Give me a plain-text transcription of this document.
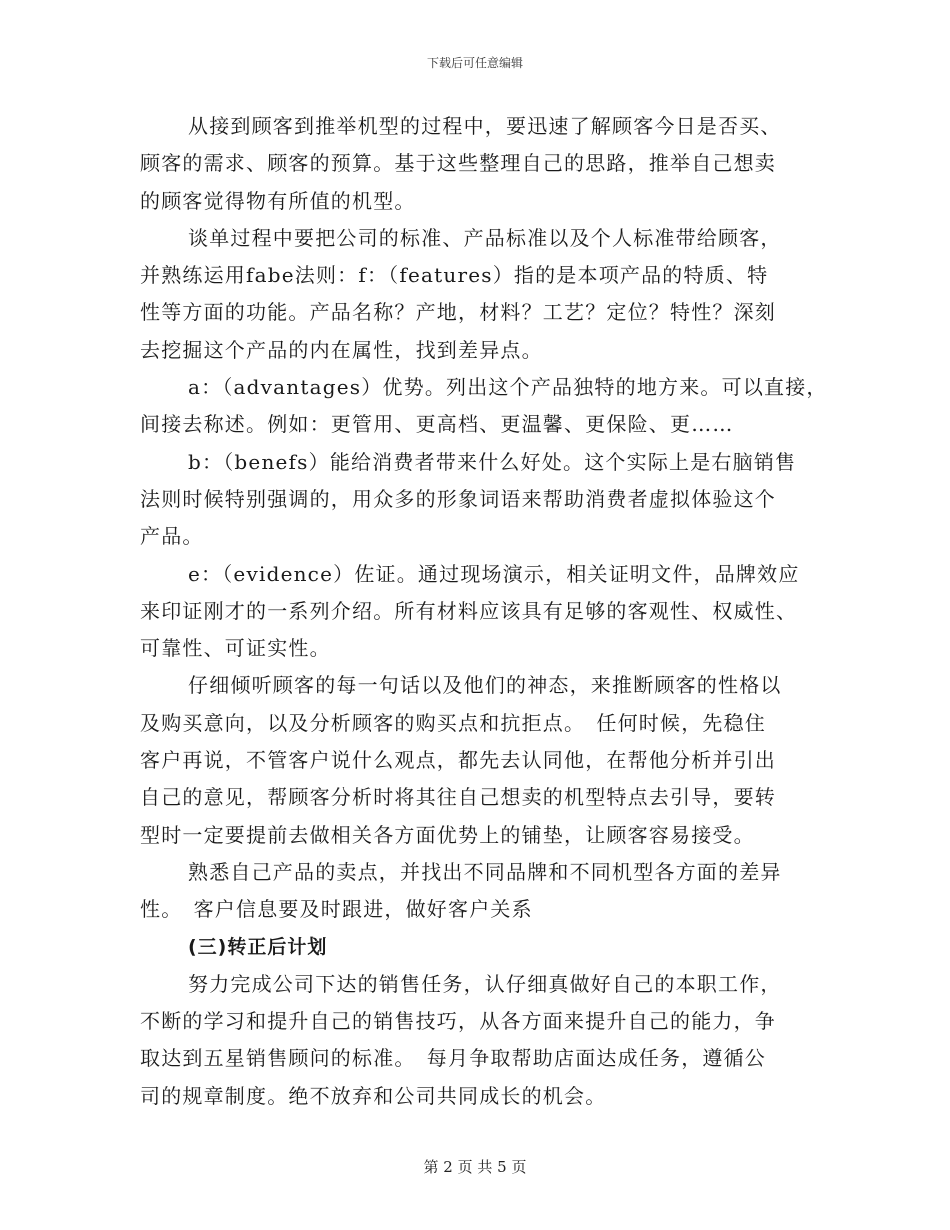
下载后可任意编辑

从接到顾客到推举机型的过程中，要迅速了解顾客今日是否买、
顾客的需求、顾客的预算。基于这些整理自己的思路，推举自己想卖
的顾客觉得物有所值的机型。

谈单过程中要把公司的标准、产品标准以及个人标准带给顾客，
并熟练运用fabe法则：f：（features）指的是本项产品的特质、特
性等方面的功能。产品名称？产地，材料？工艺？定位？特性？深刻
去挖掘这个产品的内在属性，找到差异点。

a：（advantages）优势。列出这个产品独特的地方来。可以直接，
间接去称述。例如：更管用、更高档、更温馨、更保险、更……

b：（benefs）能给消费者带来什么好处。这个实际上是右脑销售
法则时候特别强调的，用众多的形象词语来帮助消费者虚拟体验这个
产品。

e：（evidence）佐证。通过现场演示，相关证明文件，品牌效应
来印证刚才的一系列介绍。所有材料应该具有足够的客观性、权威性、
可靠性、可证实性。

仔细倾听顾客的每一句话以及他们的神态，来推断顾客的性格以
及购买意向，以及分析顾客的购买点和抗拒点。　任何时候，先稳住
客户再说，不管客户说什么观点，都先去认同他，在帮他分析并引出
自己的意见，帮顾客分析时将其往自己想卖的机型特点去引导，要转
型时一定要提前去做相关各方面优势上的铺垫，让顾客容易接受。

熟悉自己产品的卖点，并找出不同品牌和不同机型各方面的差异
性。　客户信息要及时跟进，做好客户关系

(三)转正后计划

努力完成公司下达的销售任务，认仔细真做好自己的本职工作，
不断的学习和提升自己的销售技巧，从各方面来提升自己的能力，争
取达到五星销售顾问的标准。　每月争取帮助店面达成任务，遵循公
司的规章制度。绝不放弃和公司共同成长的机会。

第 2 页 共 5 页
